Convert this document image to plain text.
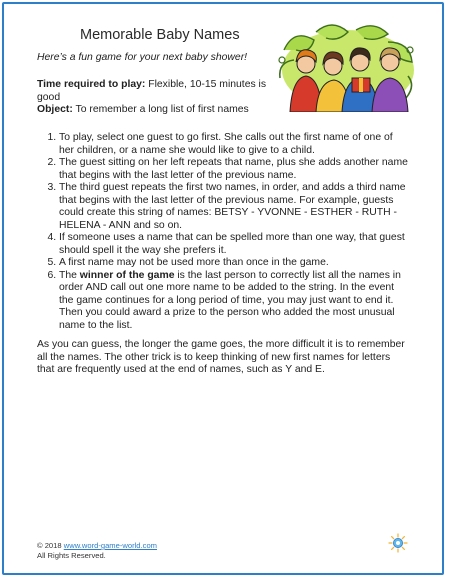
Memorable Baby Names
Here’s a fun game for your next baby shower!
Time required to play: Flexible, 10-15 minutes is good
Object: To remember a long list of first names
1. To play, select one guest to go first. She calls out the first name of one of her children, or a name she would like to give to a child.
2. The guest sitting on her left repeats that name, plus she adds another name that begins with the last letter of the previous name.
3. The third guest repeats the first two names, in order, and adds a third name that begins with the last letter of the previous name. For example, guests could create this string of names: BETSY - YVONNE - ESTHER - RUTH - HELENA - ANN and so on.
4. If someone uses a name that can be spelled more than one way, that guest should spell it the way she prefers it.
5. A first name may not be used more than once in the game.
6. The winner of the game is the last person to correctly list all the names in order AND call out one more name to be added to the string. In the event the game continues for a long period of time, you may just want to end it. Then you could award a prize to the person who added the most unusual name to the list.
As you can guess, the longer the game goes, the more difficult it is to remember all the names. The other trick is to keep thinking of new first names for letters that are frequently used at the end of names, such as Y and E.
© 2018 www.word-game-world.com
All Rights Reserved.
